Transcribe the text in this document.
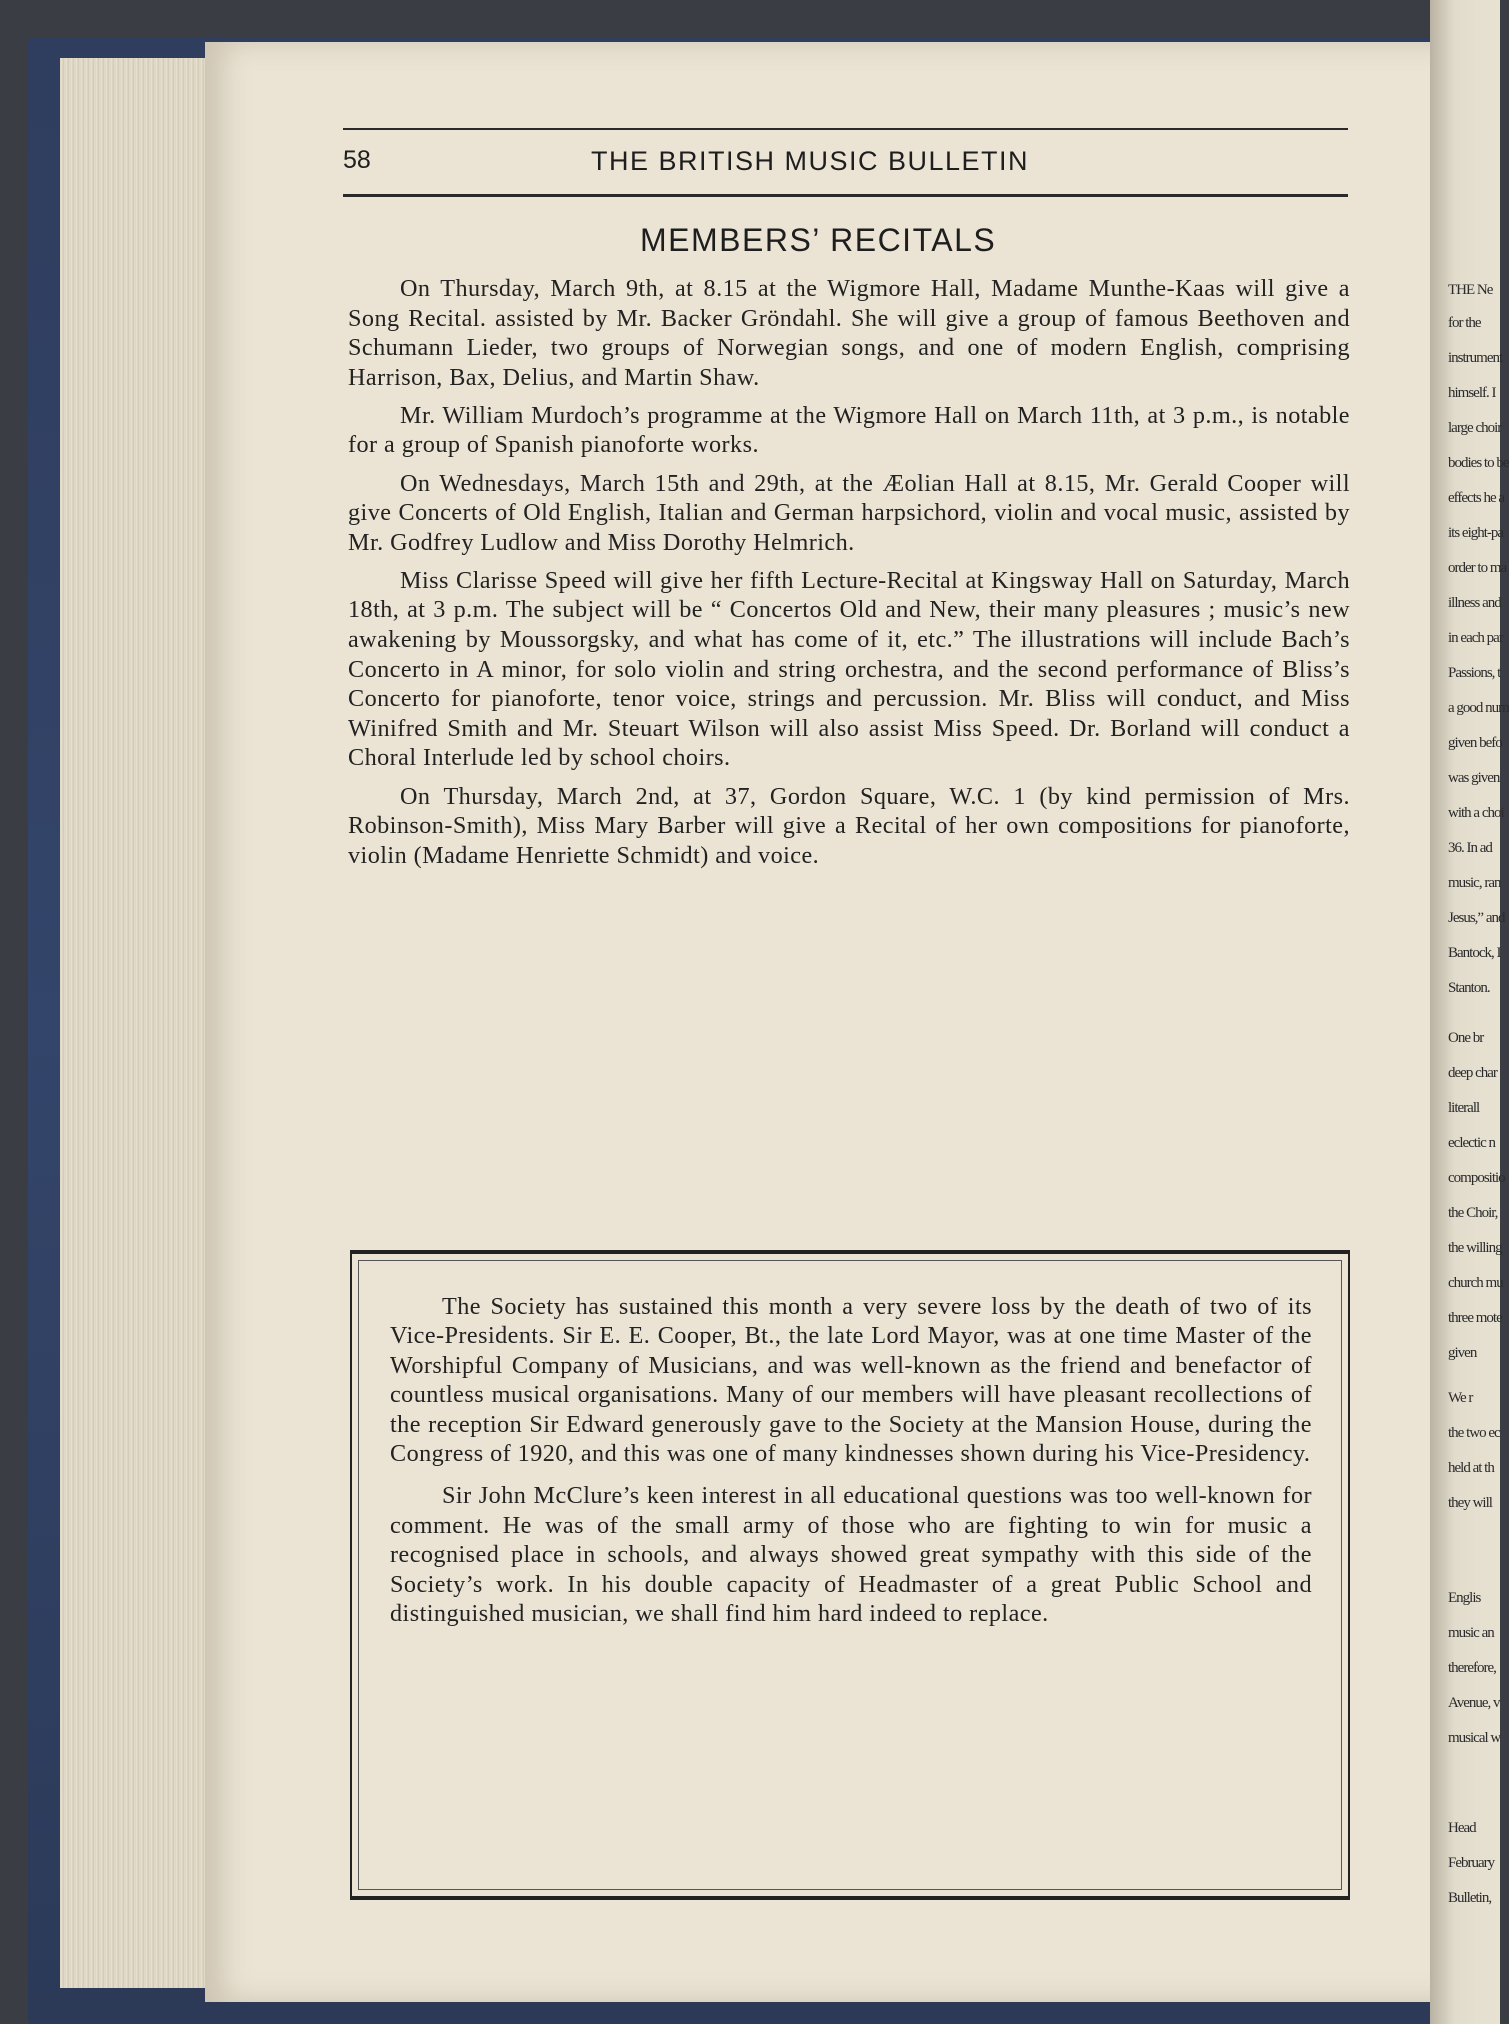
THE Ne
for the
instrument
himself. I
large choir
bodies to be
effects he a
its eight-pa
order to ma
illness and
in each par
Passions, t
a good num
given befo
was given
with a choi
36. In ad
music, ran
Jesus,” and
Bantock, I
Stanton.
One br
deep char
literall
eclectic n
compositio
the Choir,
the willing
church mu
three mote
given
We r
the two ec
held at th
they will
Englis
music an
therefore,
Avenue, v
musical w
Head
February
Bulletin,
58	THE BRITISH MUSIC BULLETIN
MEMBERS’ RECITALS

On Thursday, March 9th, at 8.15 at the Wigmore Hall, Madame Munthe-Kaas will give a Song Recital. assisted by Mr. Backer Gröndahl. She will give a group of famous Beethoven and Schumann Lieder, two groups of Norwegian songs, and one of modern English, comprising Harrison, Bax, Delius, and Martin Shaw.

Mr. William Murdoch’s programme at the Wigmore Hall on March 11th, at 3 p.m., is notable for a group of Spanish pianoforte works.

On Wednesdays, March 15th and 29th, at the Æolian Hall at 8.15, Mr. Gerald Cooper will give Concerts of Old English, Italian and German harpsichord, violin and vocal music, assisted by Mr. Godfrey Ludlow and Miss Dorothy Helmrich.

Miss Clarisse Speed will give her fifth Lecture-Recital at Kingsway Hall on Saturday, March 18th, at 3 p.m. The subject will be “ Concertos Old and New, their many pleasures ; music’s new awakening by Moussorgsky, and what has come of it, etc.” The illustrations will include Bach’s Concerto in A minor, for solo violin and string orchestra, and the second performance of Bliss’s Concerto for pianoforte, tenor voice, strings and percussion. Mr. Bliss will conduct, and Miss Winifred Smith and Mr. Steuart Wilson will also assist Miss Speed. Dr. Borland will conduct a Choral Interlude led by school choirs.

On Thursday, March 2nd, at 37, Gordon Square, W.C. 1 (by kind permission of Mrs. Robinson-Smith), Miss Mary Barber will give a Recital of her own compositions for pianoforte, violin (Madame Henriette Schmidt) and voice.

The Society has sustained this month a very severe loss by the death of two of its Vice-Presidents. Sir E. E. Cooper, Bt., the late Lord Mayor, was at one time Master of the Worshipful Company of Musicians, and was well-known as the friend and benefactor of countless musical organisations. Many of our members will have pleasant recollections of the reception Sir Edward generously gave to the Society at the Mansion House, during the Congress of 1920, and this was one of many kindnesses shown during his Vice-Presidency.

Sir John McClure’s keen interest in all educational questions was too well-known for comment. He was of the small army of those who are fighting to win for music a recognised place in schools, and always showed great sympathy with this side of the Society’s work. In his double capacity of Headmaster of a great Public School and distinguished musician, we shall find him hard indeed to replace.
